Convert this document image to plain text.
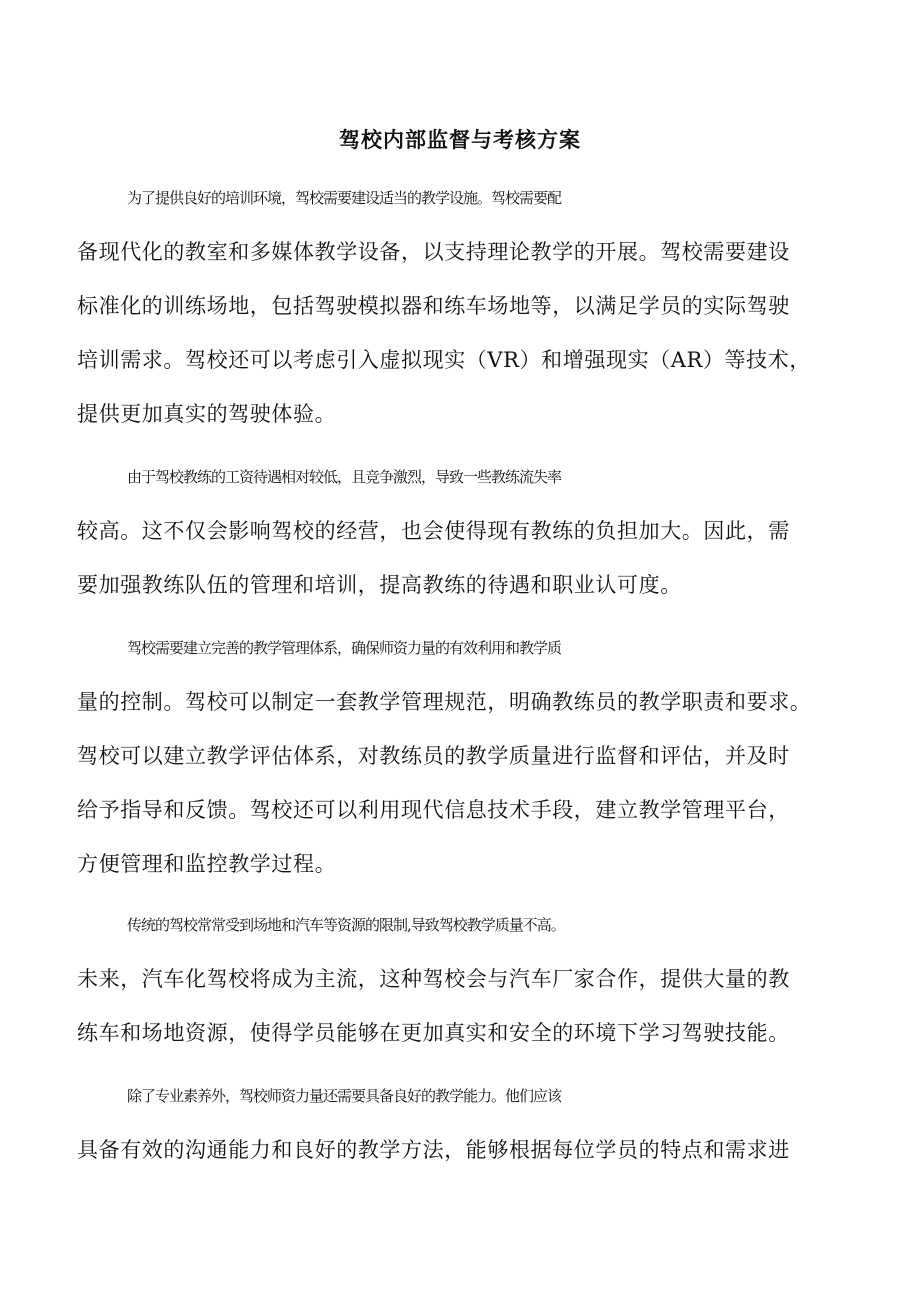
驾校内部监督与考核方案
为了提供良好的培训环境，驾校需要建设适当的教学设施。驾校需要配
备现代化的教室和多媒体教学设备，以支持理论教学的开展。驾校需要建设
标准化的训练场地，包括驾驶模拟器和练车场地等，以满足学员的实际驾驶
培训需求。驾校还可以考虑引入虚拟现实（VR）和增强现实（AR）等技术，
提供更加真实的驾驶体验。
由于驾校教练的工资待遇相对较低，且竞争激烈，导致一些教练流失率
较高。这不仅会影响驾校的经营，也会使得现有教练的负担加大。因此，需
要加强教练队伍的管理和培训，提高教练的待遇和职业认可度。
驾校需要建立完善的教学管理体系，确保师资力量的有效利用和教学质
量的控制。驾校可以制定一套教学管理规范，明确教练员的教学职责和要求。
驾校可以建立教学评估体系，对教练员的教学质量进行监督和评估，并及时
给予指导和反馈。驾校还可以利用现代信息技术手段，建立教学管理平台，
方便管理和监控教学过程。
传统的驾校常常受到场地和汽车等资源的限制,导致驾校教学质量不高。
未来，汽车化驾校将成为主流，这种驾校会与汽车厂家合作，提供大量的教
练车和场地资源，使得学员能够在更加真实和安全的环境下学习驾驶技能。
除了专业素养外，驾校师资力量还需要具备良好的教学能力。他们应该
具备有效的沟通能力和良好的教学方法，能够根据每位学员的特点和需求进
